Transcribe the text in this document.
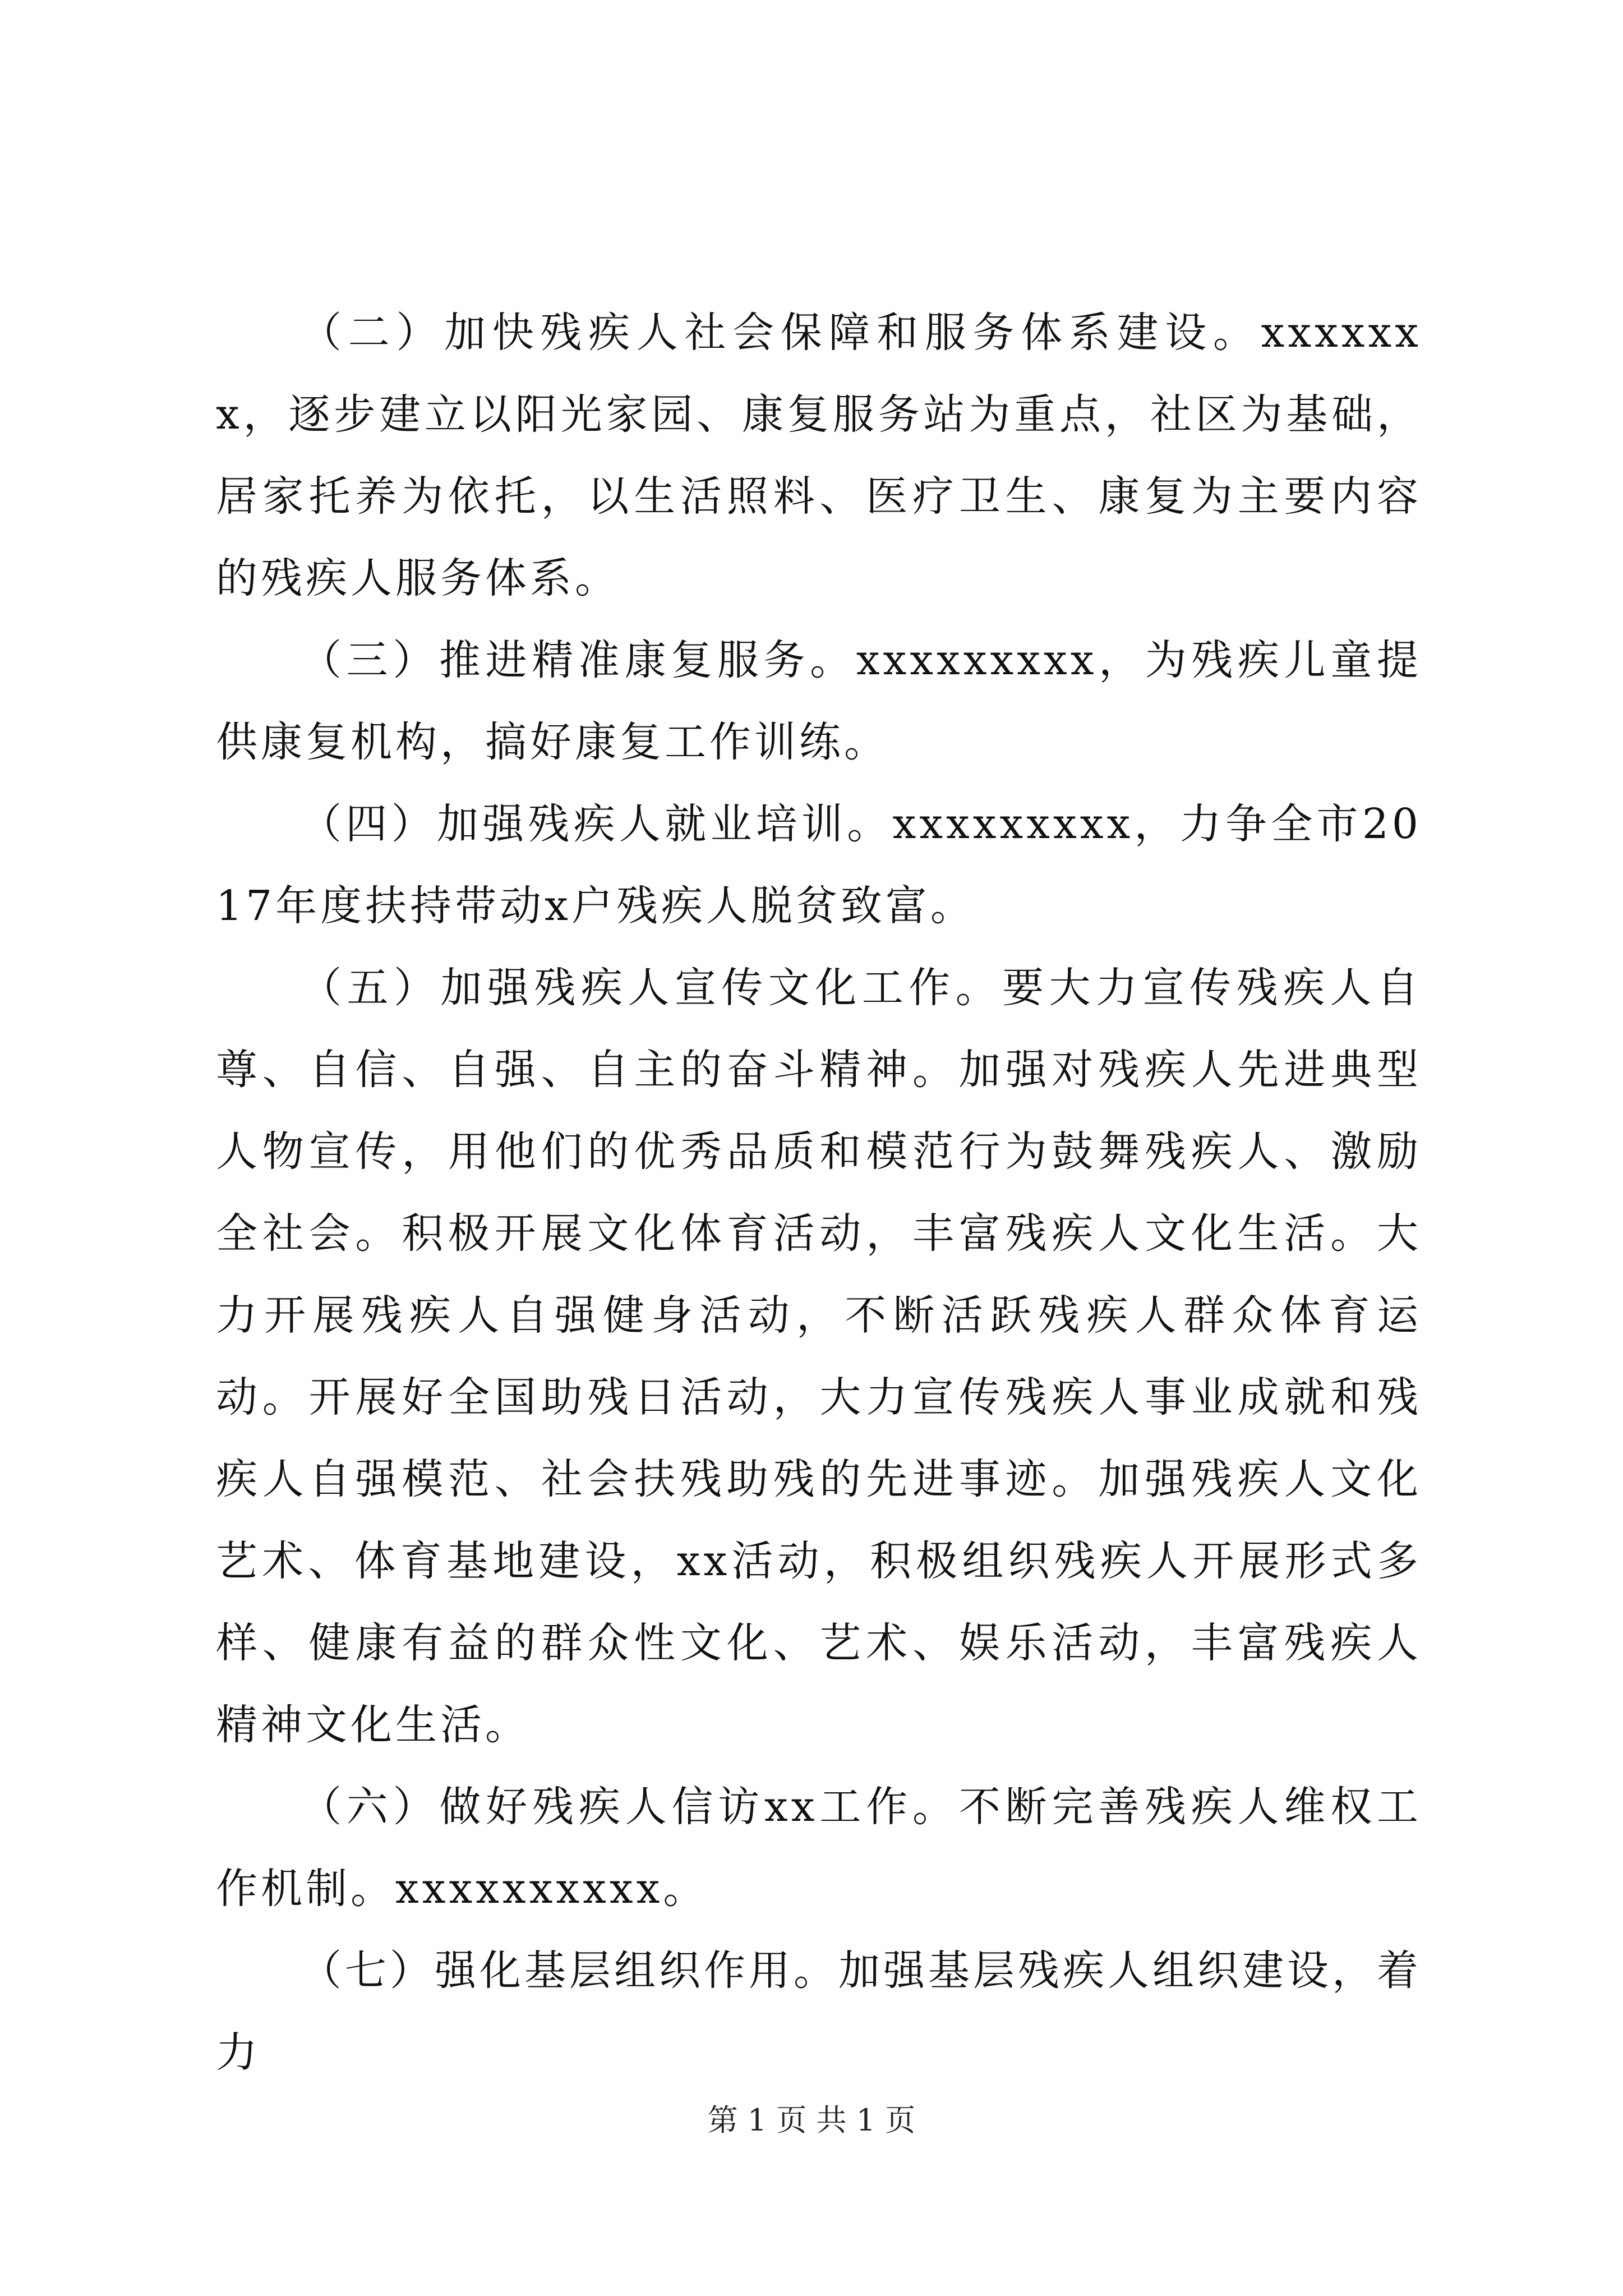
（二）加快残疾人社会保障和服务体系建设。xxxxxxx，逐步建立以阳光家园、康复服务站为重点，社区为基础，居家托养为依托，以生活照料、医疗卫生、康复为主要内容的残疾人服务体系。

（三）推进精准康复服务。xxxxxxxxx，为残疾儿童提供康复机构，搞好康复工作训练。

（四）加强残疾人就业培训。xxxxxxxxx，力争全市2017年度扶持带动x户残疾人脱贫致富。

（五）加强残疾人宣传文化工作。要大力宣传残疾人自尊、自信、自强、自主的奋斗精神。加强对残疾人先进典型人物宣传，用他们的优秀品质和模范行为鼓舞残疾人、激励全社会。积极开展文化体育活动，丰富残疾人文化生活。大力开展残疾人自强健身活动，不断活跃残疾人群众体育运动。开展好全国助残日活动，大力宣传残疾人事业成就和残疾人自强模范、社会扶残助残的先进事迹。加强残疾人文化艺术、体育基地建设，xx活动，积极组织残疾人开展形式多样、健康有益的群众性文化、艺术、娱乐活动，丰富残疾人精神文化生活。

（六）做好残疾人信访xx工作。不断完善残疾人维权工作机制。xxxxxxxxxx。

（七）强化基层组织作用。加强基层残疾人组织建设，着力

第 1 页 共 1 页
